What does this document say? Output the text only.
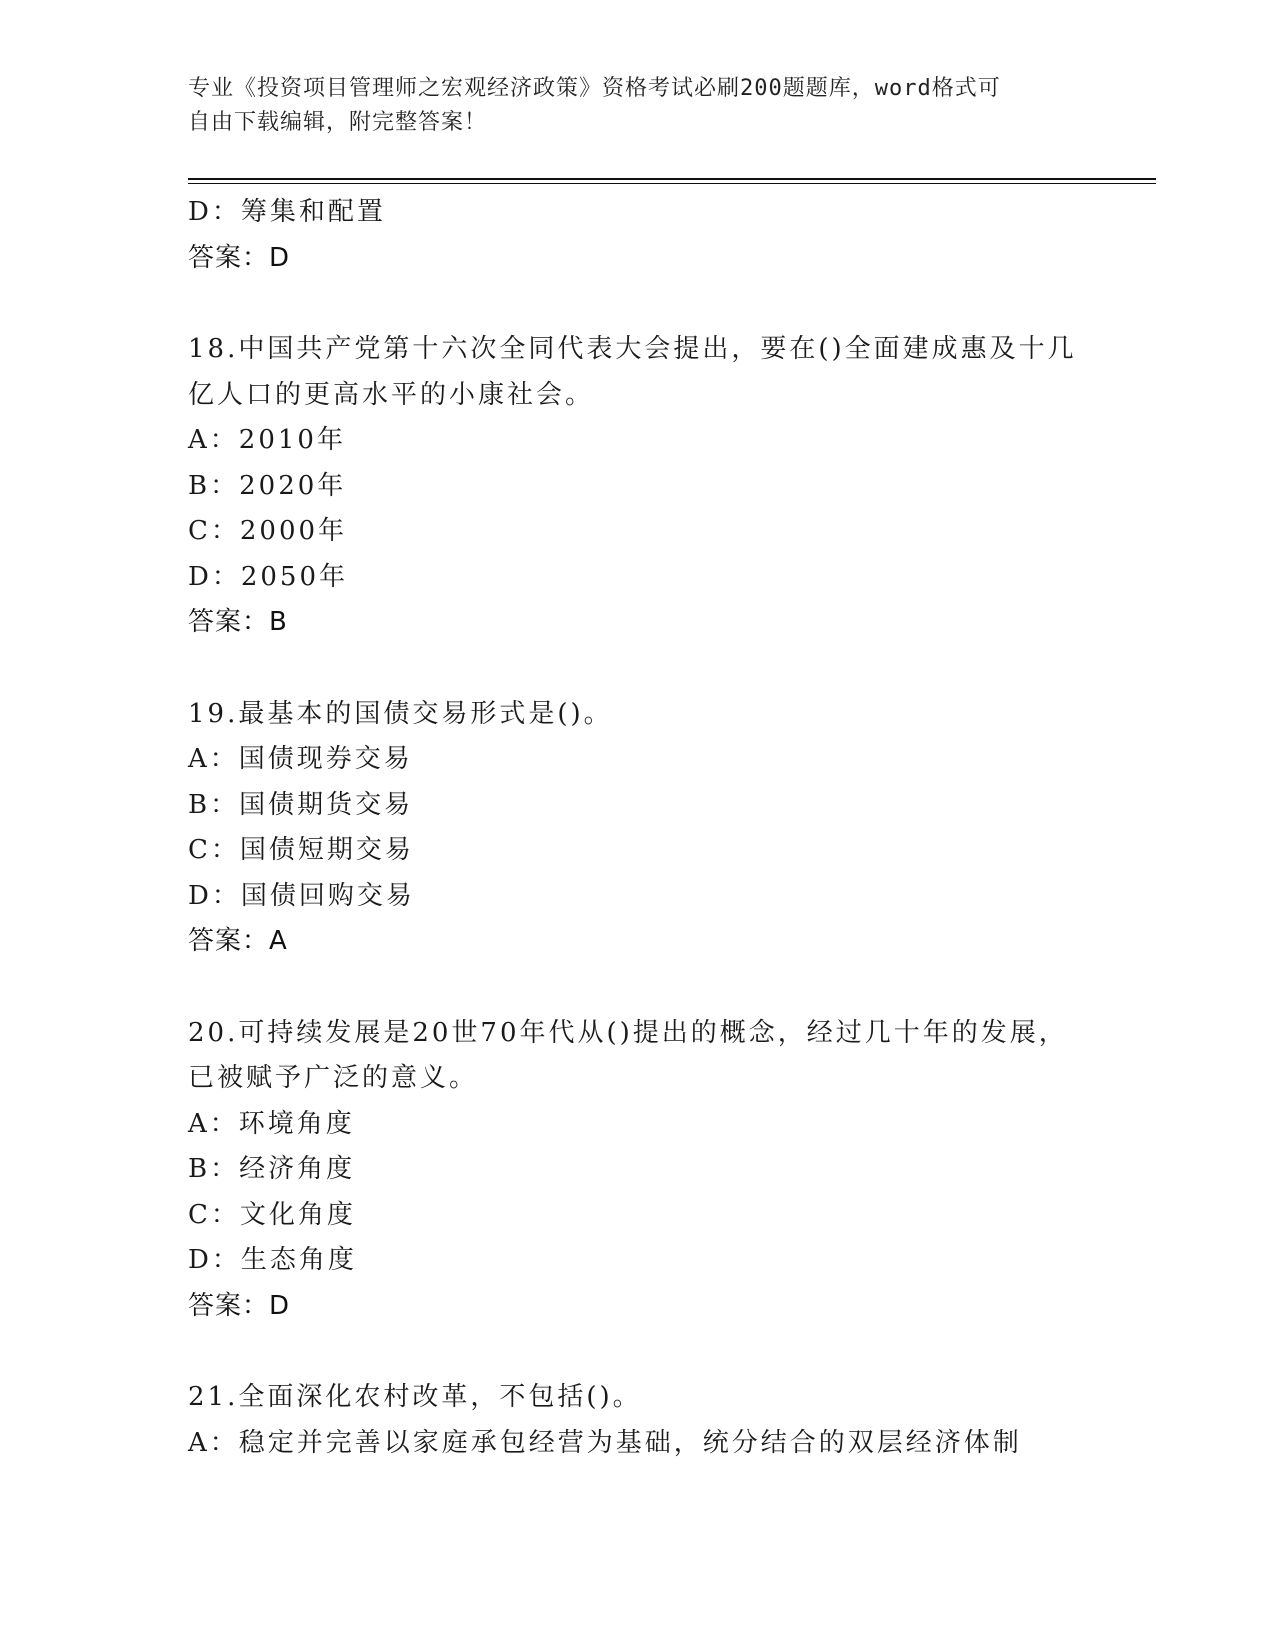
专业《投资项目管理师之宏观经济政策》资格考试必刷200题题库，word格式可
自由下载编辑，附完整答案！
D：筹集和配置
答案：D
18.中国共产党第十六次全同代表大会提出，要在()全面建成惠及十几
亿人口的更高水平的小康社会。
A：2010年
B：2020年
C：2000年
D：2050年
答案：B
19.最基本的国债交易形式是()。
A：国债现券交易
B：国债期货交易
C：国债短期交易
D：国债回购交易
答案：A
20.可持续发展是20世70年代从()提出的概念，经过几十年的发展，
已被赋予广泛的意义。
A：环境角度
B：经济角度
C：文化角度
D：生态角度
答案：D
21.全面深化农村改革，不包括()。
A：稳定并完善以家庭承包经营为基础，统分结合的双层经济体制
